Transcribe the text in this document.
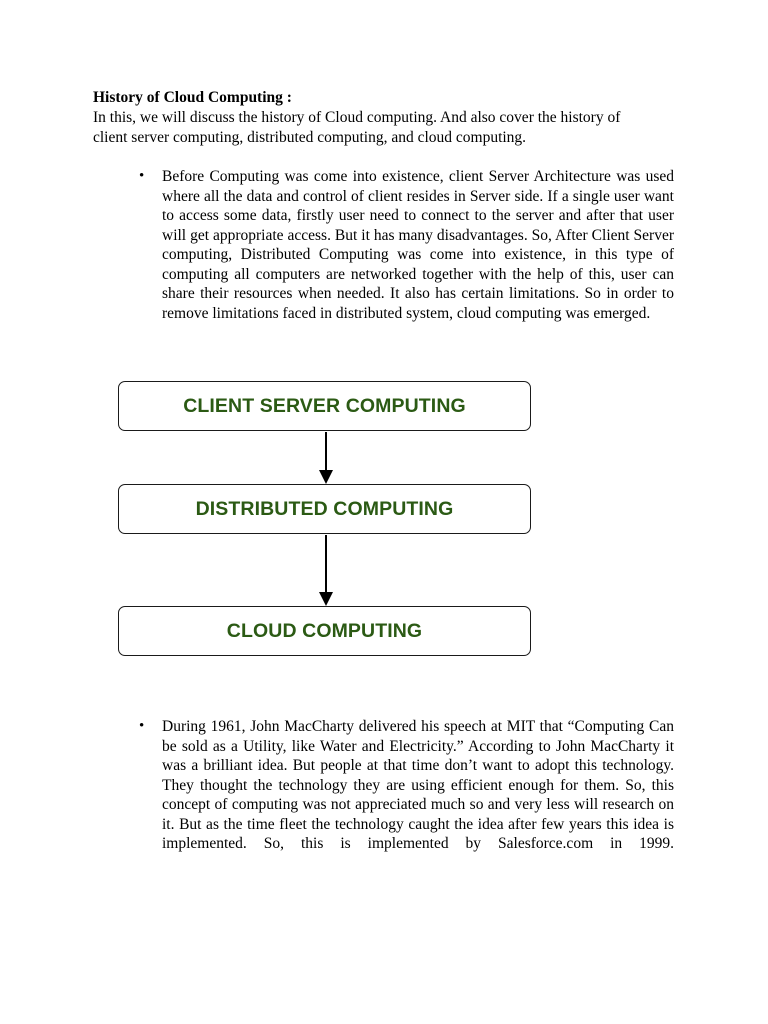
History of Cloud Computing :

In this, we will discuss the history of Cloud computing. And also cover the history of client server computing, distributed computing, and cloud computing.

• Before Computing was come into existence, client Server Architecture was used where all the data and control of client resides in Server side. If a single user want to access some data, firstly user need to connect to the server and after that user will get appropriate access. But it has many disadvantages. So, After Client Server computing, Distributed Computing was come into existence, in this type of computing all computers are networked together with the help of this, user can share their resources when needed. It also has certain limitations. So in order to remove limitations faced in distributed system, cloud computing was emerged.

CLIENT SERVER COMPUTING
DISTRIBUTED COMPUTING
CLOUD COMPUTING
• During 1961, John MacCharty delivered his speech at MIT that “Computing Can be sold as a Utility, like Water and Electricity.” According to John MacCharty it was a brilliant idea. But people at that time don’t want to adopt this technology. They thought the technology they are using efficient enough for them. So, this concept of computing was not appreciated much so and very less will research on it. But as the time fleet the technology caught the idea after few years this idea is implemented. So, this is implemented by Salesforce.com in 1999.
